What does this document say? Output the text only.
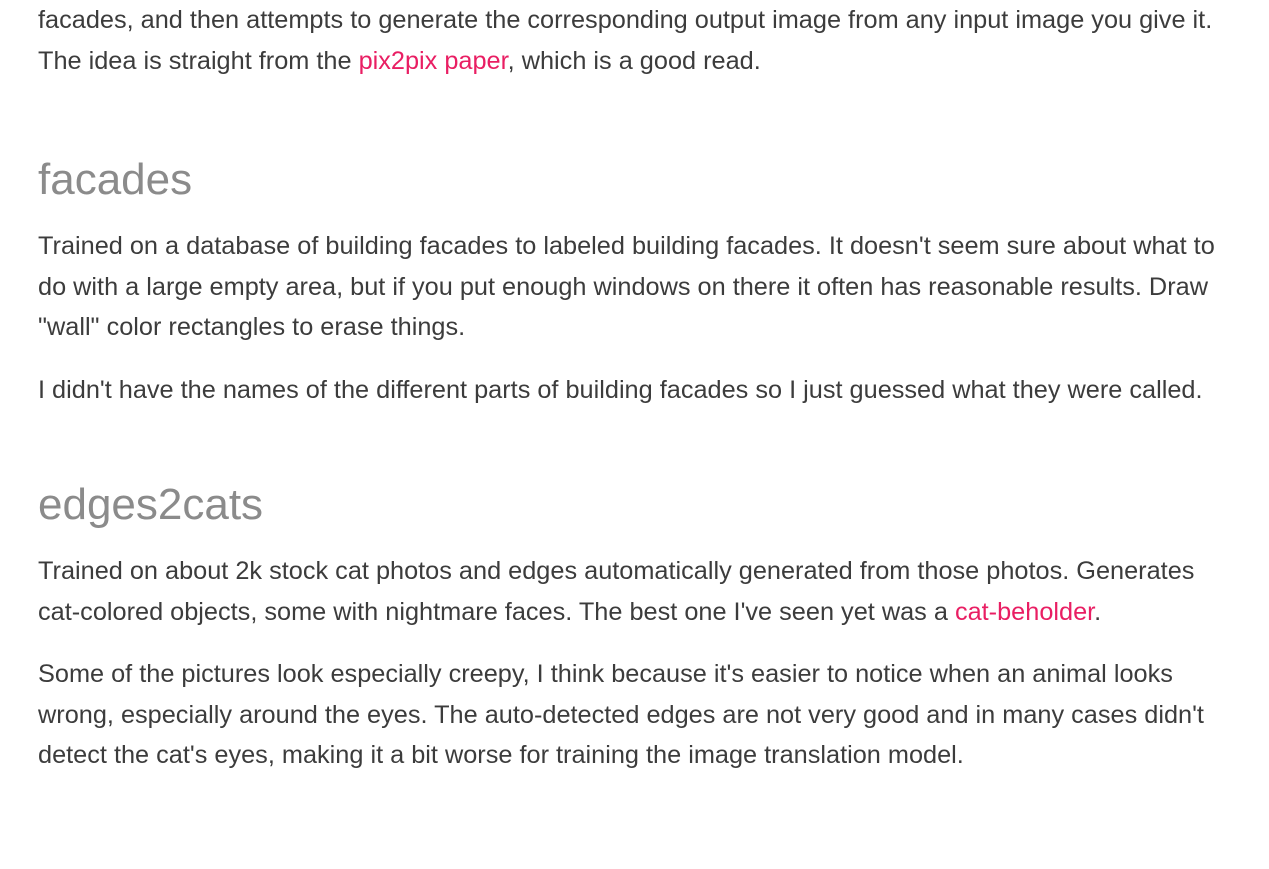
facades, and then attempts to generate the corresponding output image from any input image you give it. The idea is straight from the pix2pix paper, which is a good read.

facades

Trained on a database of building facades to labeled building facades. It doesn't seem sure about what to do with a large empty area, but if you put enough windows on there it often has reasonable results. Draw "wall" color rectangles to erase things.

I didn't have the names of the different parts of building facades so I just guessed what they were called.

edges2cats

Trained on about 2k stock cat photos and edges automatically generated from those photos. Generates cat-colored objects, some with nightmare faces. The best one I've seen yet was a cat-beholder.

Some of the pictures look especially creepy, I think because it's easier to notice when an animal looks wrong, especially around the eyes. The auto-detected edges are not very good and in many cases didn't detect the cat's eyes, making it a bit worse for training the image translation model.
